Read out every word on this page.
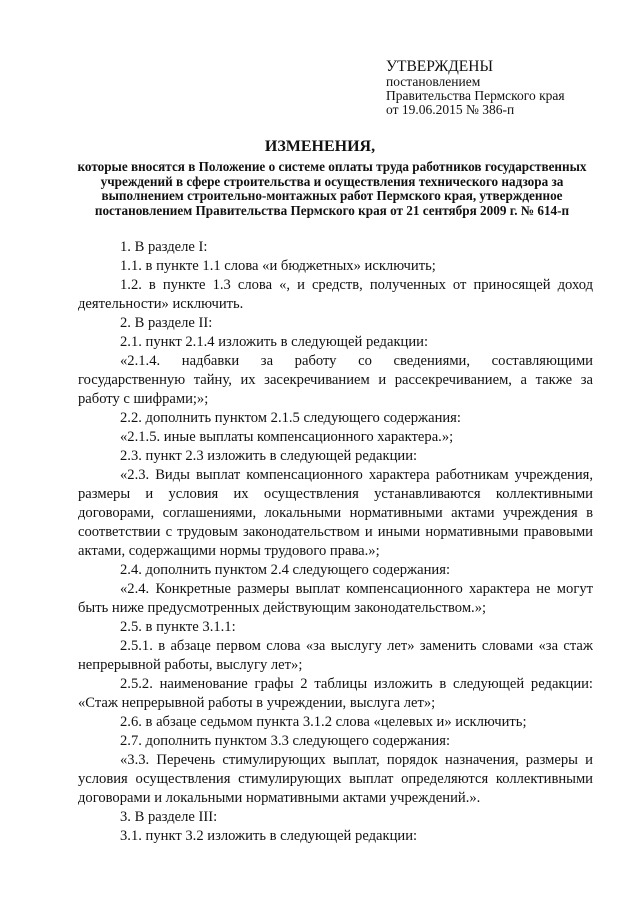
УТВЕРЖДЕНЫ
постановлением
Правительства Пермского края
от 19.06.2015 № 386-п
ИЗМЕНЕНИЯ,
которые вносятся в Положение о системе оплаты труда работников государственных учреждений в сфере строительства и осуществления технического надзора за выполнением строительно-монтажных работ Пермского края, утвержденное постановлением Правительства Пермского края от 21 сентября 2009 г. № 614-п

1. В разделе I:

1.1. в пункте 1.1 слова «и бюджетных» исключить;

1.2. в пункте 1.3 слова «, и средств, полученных от приносящей доход деятельности» исключить.

2. В разделе II:

2.1. пункт 2.1.4 изложить в следующей редакции:

«2.1.4. надбавки за работу со сведениями, составляющими государственную тайну, их засекречиванием и рассекречиванием, а также за работу с шифрами;»;

2.2. дополнить пунктом 2.1.5 следующего содержания:

«2.1.5. иные выплаты компенсационного характера.»;

2.3. пункт 2.3 изложить в следующей редакции:

«2.3. Виды выплат компенсационного характера работникам учреждения, размеры и условия их осуществления устанавливаются коллективными договорами, соглашениями, локальными нормативными актами учреждения в соответствии с трудовым законодательством и иными нормативными правовыми актами, содержащими нормы трудового права.»;

2.4. дополнить пунктом 2.4 следующего содержания:

«2.4. Конкретные размеры выплат компенсационного характера не могут быть ниже предусмотренных действующим законодательством.»;

2.5. в пункте 3.1.1:

2.5.1. в абзаце первом слова «за выслугу лет» заменить словами «за стаж непрерывной работы, выслугу лет»;

2.5.2. наименование графы 2 таблицы изложить в следующей редакции: «Стаж непрерывной работы в учреждении, выслуга лет»;

2.6. в абзаце седьмом пункта 3.1.2 слова «целевых и» исключить;

2.7. дополнить пунктом 3.3 следующего содержания:

«3.3. Перечень стимулирующих выплат, порядок назначения, размеры и условия осуществления стимулирующих выплат определяются коллективными договорами и локальными нормативными актами учреждений.».

3. В разделе III:

3.1. пункт 3.2 изложить в следующей редакции:
